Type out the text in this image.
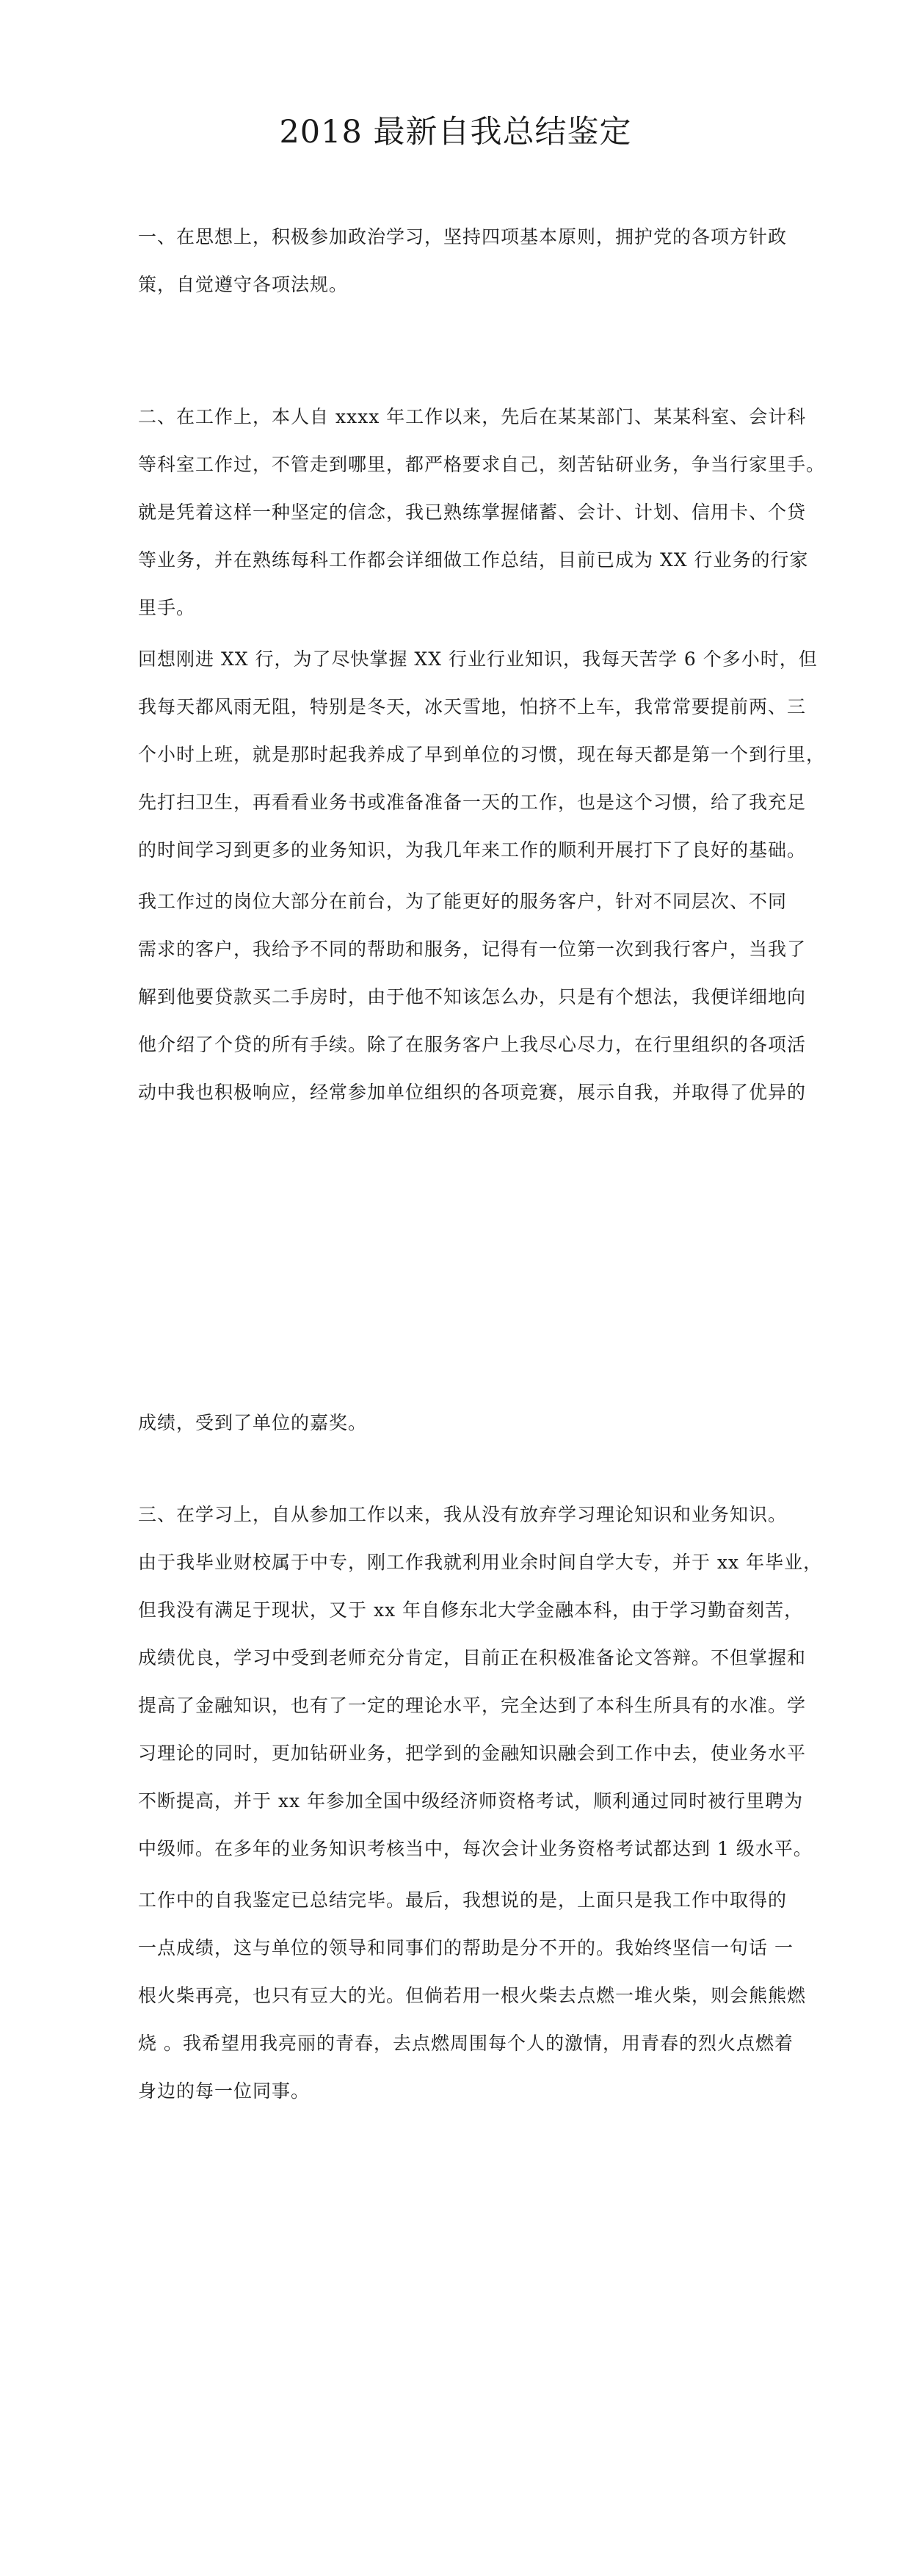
2018 最新自我总结鉴定
一、在思想上，积极参加政治学习，坚持四项基本原则，拥护党的各项方针政
策，自觉遵守各项法规。
二、在工作上，本人自 xxxx 年工作以来，先后在某某部门、某某科室、会计科
等科室工作过，不管走到哪里，都严格要求自己，刻苦钻研业务，争当行家里手。
就是凭着这样一种坚定的信念，我已熟练掌握储蓄、会计、计划、信用卡、个贷
等业务，并在熟练每科工作都会详细做工作总结，目前已成为 XX 行业务的行家
里手。
回想刚进 XX 行，为了尽快掌握 XX 行业行业知识，我每天苦学 6 个多小时，但
我每天都风雨无阻，特别是冬天，冰天雪地，怕挤不上车，我常常要提前两、三
个小时上班，就是那时起我养成了早到单位的习惯，现在每天都是第一个到行里，
先打扫卫生，再看看业务书或准备准备一天的工作，也是这个习惯，给了我充足
的时间学习到更多的业务知识，为我几年来工作的顺利开展打下了良好的基础。
我工作过的岗位大部分在前台，为了能更好的服务客户，针对不同层次、不同
需求的客户，我给予不同的帮助和服务，记得有一位第一次到我行客户，当我了
解到他要贷款买二手房时，由于他不知该怎么办，只是有个想法，我便详细地向
他介绍了个贷的所有手续。除了在服务客户上我尽心尽力，在行里组织的各项活
动中我也积极响应，经常参加单位组织的各项竞赛，展示自我，并取得了优异的
成绩，受到了单位的嘉奖。
三、在学习上，自从参加工作以来，我从没有放弃学习理论知识和业务知识。
由于我毕业财校属于中专，刚工作我就利用业余时间自学大专，并于 xx 年毕业，
但我没有满足于现状，又于 xx 年自修东北大学金融本科，由于学习勤奋刻苦，
成绩优良，学习中受到老师充分肯定，目前正在积极准备论文答辩。不但掌握和
提高了金融知识，也有了一定的理论水平，完全达到了本科生所具有的水准。学
习理论的同时，更加钻研业务，把学到的金融知识融会到工作中去，使业务水平
不断提高，并于 xx 年参加全国中级经济师资格考试，顺利通过同时被行里聘为
中级师。在多年的业务知识考核当中，每次会计业务资格考试都达到 1 级水平。
工作中的自我鉴定已总结完毕。最后，我想说的是，上面只是我工作中取得的
一点成绩，这与单位的领导和同事们的帮助是分不开的。我始终坚信一句话 一
根火柴再亮，也只有豆大的光。但倘若用一根火柴去点燃一堆火柴，则会熊熊燃
烧 。我希望用我亮丽的青春，去点燃周围每个人的激情，用青春的烈火点燃着
身边的每一位同事。
